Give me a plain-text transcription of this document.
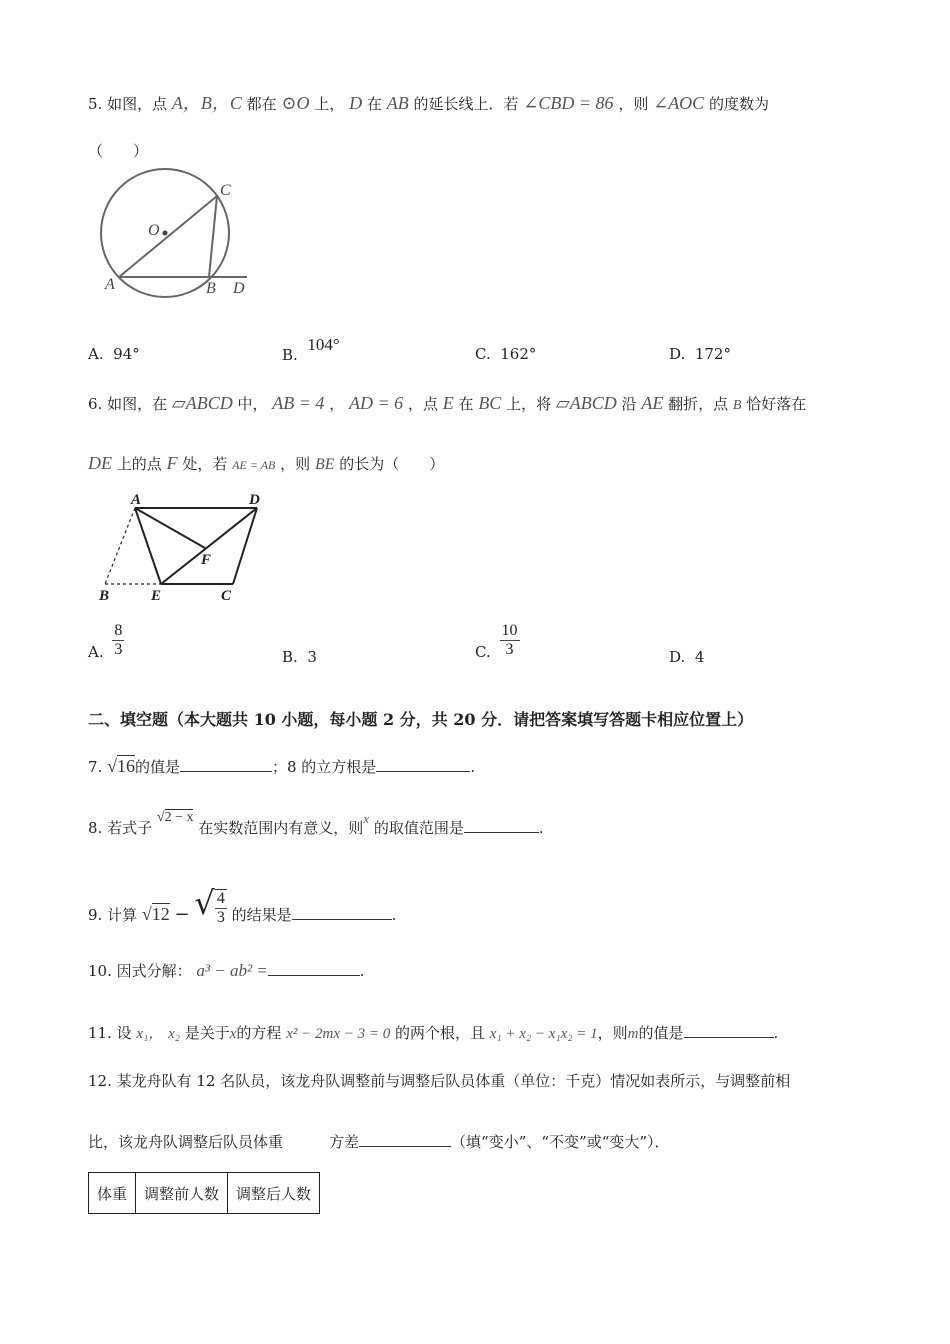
5. 如图，点 A，B，C 都在 ⊙O 上， D 在 AB 的延长线上．若 ∠CBD = 86 ，则 ∠AOC 的度数为
（　　）
O
A	B
C
D
A. 94°	B.  104°	C. 162°	D. 172°
6. 如图，在 ▱ABCD 中， AB = 4 ， AD = 6 ，点 E 在 BC 上，将 ▱ABCD 沿 AE 翻折，点 B 恰好落在
DE 上的点 F 处，若 AE = AB ，则 BE 的长为（　　）
A	D
F
B	E	C
A. $\frac{8}{3}$	B. 3	C. $\frac{10}{3}$	D. 4
二、填空题（本大题共 10 小题，每小题 2 分，共 20 分．请把答案填写答题卡相应位置上）
7. √16的值是	；8 的立方根是	.
8. 若式子 √2 − x 在实数范围内有意义，则x 的取值范围是	.
9. 计算 √12 − √ $\frac{4}{3}$ 的结果是	.
10. 因式分解： a³ − ab² =	.
11. 设 x₁， x₂ 是关于x的方程 x² − 2mx − 3 = 0 的两个根，且 x₁ + x₂ − x₁x₂ = 1，则m的值是	.
12. 某龙舟队有 12 名队员，该龙舟队调整前与调整后队员体重（单位：千克）情况如表所示，与调整前相
比，该龙舟队调整后队员体重	方差	（填“变小”、“不变”或“变大”）．
体重	调整前人数	调整后人数
